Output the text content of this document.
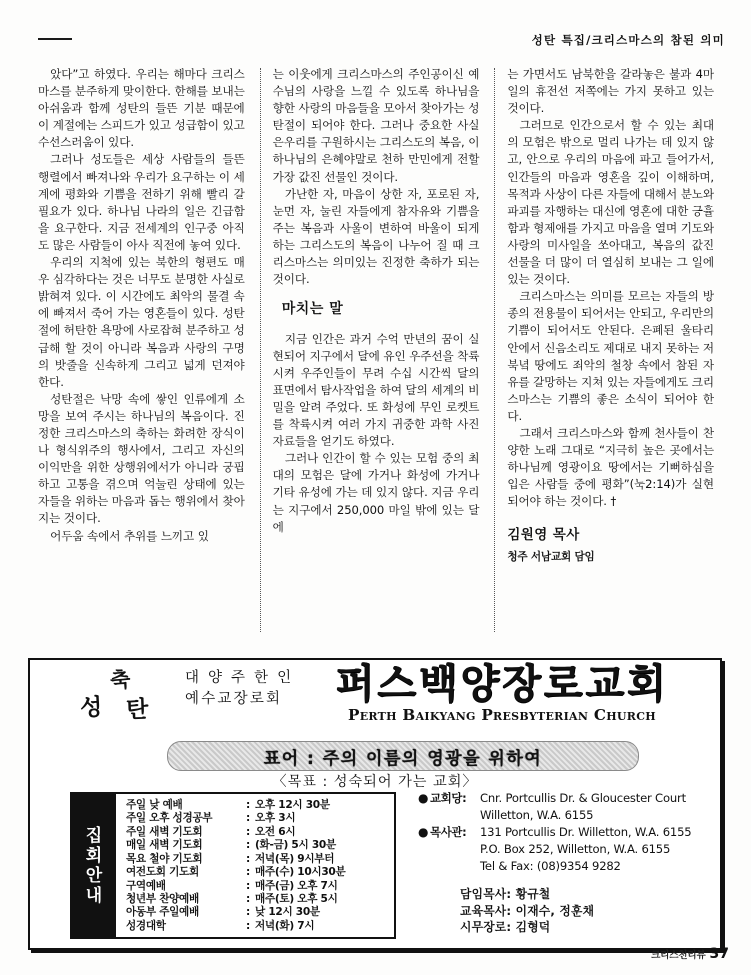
성탄 특집/크리스마스의 참된 의미

았다”고 하였다. 우리는 해마다 크리스마스를 분주하게 맞이한다. 한해를 보내는 아쉬움과 함께 성탄의 들뜬 기분 때문에 이 계절에는 스피드가 있고 성급함이 있고 수선스러움이 있다.

그러나 성도들은 세상 사람들의 들뜬 행렬에서 빠져나와 우리가 요구하는 이 세계에 평화와 기쁨을 전하기 위해 빨리 갈 필요가 있다. 하나님 나라의 일은 긴급함을 요구한다. 지금 전세계의 인구중 아직도 많은 사람들이 아사 직전에 놓여 있다.

우리의 지척에 있는 북한의 형편도 매우 심각하다는 것은 너무도 분명한 사실로 밝혀져 있다. 이 시간에도 최악의 물결 속에 빠져서 죽어 가는 영혼들이 있다. 성탄절에 허탄한 욕망에 사로잡혀 분주하고 성급해 할 것이 아니라 복음과 사랑의 구명의 밧줄을 신속하게 그리고 넓게 던져야 한다.

성탄절은 낙망 속에 쌓인 인류에게 소망을 보여 주시는 하나님의 복음이다. 진정한 크리스마스의 축하는 화려한 장식이나 형식위주의 행사에서, 그리고 자신의 이익만을 위한 상행위에서가 아니라 궁핍하고 고통을 겪으며 억눌린 상태에 있는 자들을 위하는 마음과 돕는 행위에서 찾아지는 것이다.

어두움 속에서 추위를 느끼고 있

는 이웃에게 크리스마스의 주인공이신 예수님의 사랑을 느낄 수 있도록 하나님을 향한 사랑의 마음들을 모아서 찾아가는 성탄절이 되어야 한다. 그러나 중요한 사실은우리를 구원하시는 그리스도의 복음, 이 하나님의 은혜야말로 천하 만민에게 전할 가장 값진 선물인 것이다.

가난한 자, 마음이 상한 자, 포로된 자, 눈먼 자, 눌린 자들에게 참자유와 기쁨을 주는 복음과 사울이 변하여 바울이 되게 하는 그리스도의 복음이 나누어 질 때 크리스마스는 의미있는 진정한 축하가 되는 것이다.

마치는 말

지금 인간은 과거 수억 만년의 꿈이 실현되어 지구에서 달에 유인 우주선을 착륙시켜 우주인들이 무려 수십 시간씩 달의 표면에서 탐사작업을 하여 달의 세계의 비밀을 알려 주었다. 또 화성에 무인 로켓트를 착륙시켜 여러 가지 귀중한 과학 사진 자료들을 얻기도 하였다.

그러나 인간이 할 수 있는 모험 중의 최대의 모험은 달에 가거나 화성에 가거나 기타 유성에 가는 데 있지 않다. 지금 우리는 지구에서 250,000 마일 밖에 있는 달에

는 가면서도 남북한을 갈라놓은 불과 4마일의 휴전선 저쪽에는 가지 못하고 있는 것이다.

그러므로 인간으로서 할 수 있는 최대의 모험은 밖으로 멀리 나가는 데 있지 않고, 안으로 우리의 마음에 파고 들어가서, 인간들의 마음과 영혼을 깊이 이해하며, 목적과 사상이 다른 자들에 대해서 분노와 파괴를 자행하는 대신에 영혼에 대한 긍휼함과 형제애를 가지고 마음을 열며 기도와 사랑의 미사일을 쏘아대고, 복음의 값진 선물을 더 많이 더 열심히 보내는 그 일에 있는 것이다.

크리스마스는 의미를 모르는 자들의 방종의 전용물이 되어서는 안되고, 우리만의 기쁨이 되어서도 안된다. 은폐된 울타리 안에서 신음소리도 제대로 내지 못하는 저 북녘 땅에도 죄악의 철창 속에서 참된 자유를 갈망하는 지쳐 있는 자들에게도 크리스마스는 기쁨의 좋은 소식이 되어야 한다.

그래서 크리스마스와 함께 천사들이 찬양한 노래 그대로 “지극히 높은 곳에서는 하나님께 영광이요 땅에서는 기뻐하심을 입은 사람들 중에 평화”(눅2:14)가 실현되어야 하는 것이다. †

김원영 목사
청주 서남교회 담임
축
성 탄
대 양 주 한 인
예수교장로회	퍼스백양장로교회
Perth Baikyang Presbyterian Church
표어 : 주의 이름의 영광을 위하여
〈목표 : 성숙되어 가는 교회〉
집
회
안
내
주일 낮 예배	: 오후 12시 30분
주일 오후 성경공부	: 오후 3시
주일 새벽 기도회	: 오전 6시
매일 새벽 기도회	: (화-금) 5시 30분
목요 철야 기도회	: 저녁(목) 9시부터
여전도회 기도회	: 매주(수) 10시30분
구역예배	: 매주(금) 오후 7시
청년부 찬양예배	: 매주(토) 오후 5시
아동부 주일예배	: 낮 12시 30분
성경대학	: 저녁(화) 7시
● 교회당:	Cnr. Portcullis Dr. & Gloucester Court
Willetton, W.A. 6155
● 목사관:	131 Portcullis Dr. Willetton, W.A. 6155
P.O. Box 252, Willetton, W.A. 6155
Tel & Fax: (08)9354 9282
담임목사: 황규철
교육목사: 이재수, 정훈채
시무장로: 김형덕
크리스천리뷰 37
